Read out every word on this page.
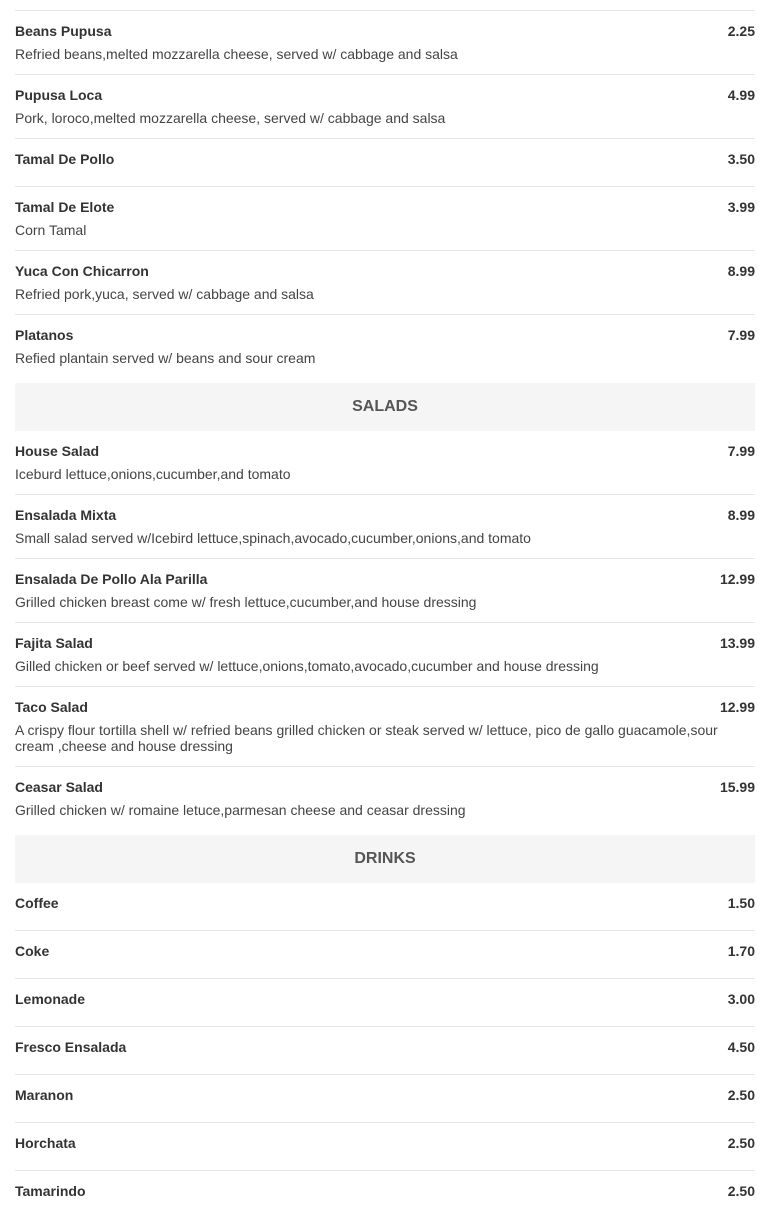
Beans Pupusa	2.25
Refried beans,melted mozzarella cheese, served w/ cabbage and salsa
Pupusa Loca	4.99
Pork, loroco,melted mozzarella cheese, served w/ cabbage and salsa
Tamal De Pollo	3.50
Tamal De Elote	3.99
Corn Tamal
Yuca Con Chicarron	8.99
Refried pork,yuca, served w/ cabbage and salsa
Platanos	7.99
Refied plantain served w/ beans and sour cream
SALADS
House Salad	7.99
Iceburd lettuce,onions,cucumber,and tomato
Ensalada Mixta	8.99
Small salad served w/Icebird lettuce,spinach,avocado,cucumber,onions,and tomato
Ensalada De Pollo Ala Parilla	12.99
Grilled chicken breast come w/ fresh lettuce,cucumber,and house dressing
Fajita Salad	13.99
Gilled chicken or beef served w/ lettuce,onions,tomato,avocado,cucumber and house dressing
Taco Salad	12.99
A crispy flour tortilla shell w/ refried beans grilled chicken or steak served w/ lettuce, pico de gallo guacamole,sour cream ,cheese and house dressing
Ceasar Salad	15.99
Grilled chicken w/ romaine letuce,parmesan cheese and ceasar dressing
DRINKS
Coffee	1.50
Coke	1.70
Lemonade	3.00
Fresco Ensalada	4.50
Maranon	2.50
Horchata	2.50
Tamarindo	2.50
